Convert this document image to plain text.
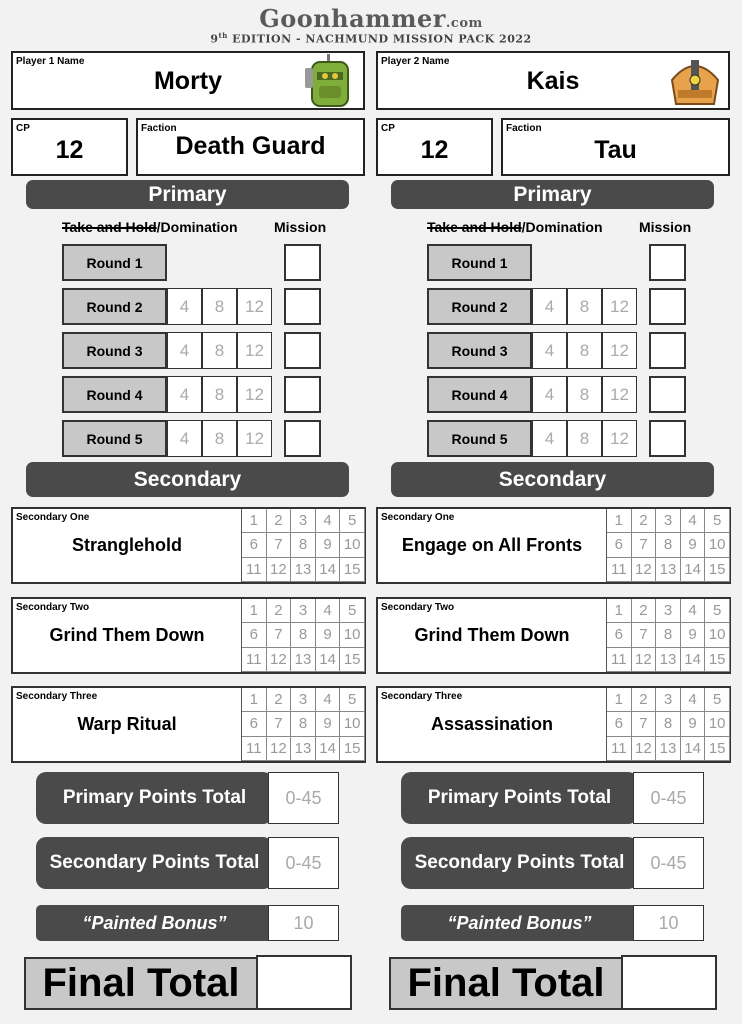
Goonhammer.com
9th EDITION - NACHMUND MISSION PACK 2022
Player 1 Name
Morty
CP
12
Faction
Death Guard
Primary
Take and Hold/Domination	Mission
Round 1
Round 2	4	8	12
Round 3	4	8	12
Round 4	4	8	12
Round 5	4	8	12
Secondary
Secondary One
Stranglehold
1	2	3	4	5
6	7	8	9 10
11 12 13 14 15
Secondary Two
Grind Them Down
1	2	3	4	5
6	7	8	9 10
11 12 13 14 15
Secondary Three
Warp Ritual
1	2	3	4	5
6	7	8	9 10
11 12 13 14 15
Primary Points Total	0-45
Secondary Points Total	0-45
“Painted Bonus”	10
Final Total
Player 2 Name
Kais
CP
12
Faction
Tau
Primary
Take and Hold/Domination	Mission
Round 1
Round 2	4	8	12
Round 3	4	8	12
Round 4	4	8	12
Round 5	4	8	12
Secondary
Secondary One
Engage on All Fronts
1	2	3	4	5
6	7	8	9 10
11 12 13 14 15
Secondary Two
Grind Them Down
1	2	3	4	5
6	7	8	9 10
11 12 13 14 15
Secondary Three
Assassination
1	2	3	4	5
6	7	8	9 10
11 12 13 14 15
Primary Points Total	0-45
Secondary Points Total	0-45
“Painted Bonus”	10
Final Total
